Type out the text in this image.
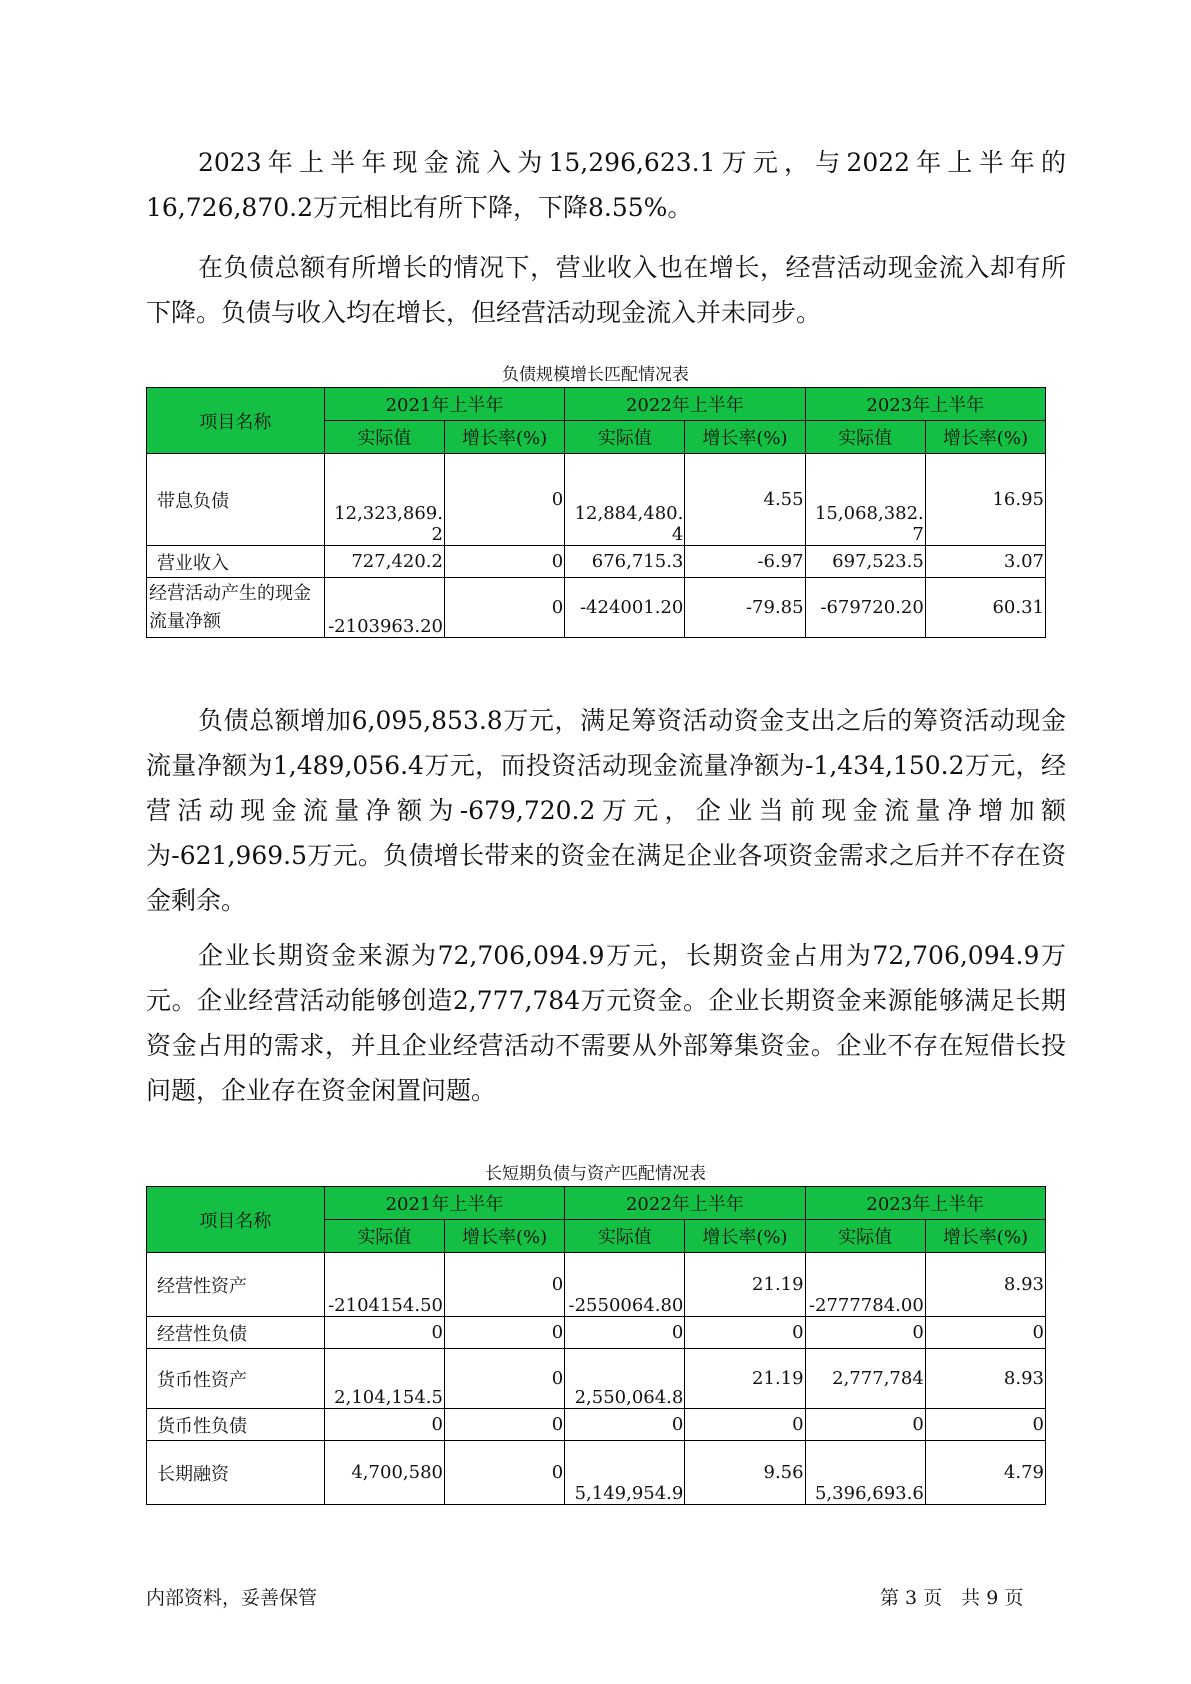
2023年上半年现金流入为15,296,623.1万元，与2022年上半年的16,726,870.2万元相比有所下降，下降8.55%。

在负债总额有所增长的情况下，营业收入也在增长，经营活动现金流入却有所下降。负债与收入均在增长，但经营活动现金流入并未同步。

负债规模增长匹配情况表
项目名称	2021年上半年		2022年上半年		2023年上半年	
	实际值	增长率(%)	实际值	增长率(%)	实际值	增长率(%)
带息负债	12,323,869.2	0	12,884,480.4	4.55	15,068,382.7	16.95
营业收入	727,420.2	0	676,715.3	-6.97	697,523.5	3.07
经营活动产生的现金流量净额	-2103963.20	0	-424001.20	-79.85	-679720.20	60.31

负债总额增加6,095,853.8万元，满足筹资活动资金支出之后的筹资活动现金流量净额为1,489,056.4万元，而投资活动现金流量净额为-1,434,150.2万元，经营活动现金流量净额为-679,720.2万元，企业当前现金流量净增加额为-621,969.5万元。负债增长带来的资金在满足企业各项资金需求之后并不存在资金剩余。

企业长期资金来源为72,706,094.9万元，长期资金占用为72,706,094.9万元。企业经营活动能够创造2,777,784万元资金。企业长期资金来源能够满足长期资金占用的需求，并且企业经营活动不需要从外部筹集资金。企业不存在短借长投问题，企业存在资金闲置问题。

长短期负债与资产匹配情况表
项目名称	2021年上半年		2022年上半年		2023年上半年	
	实际值	增长率(%)	实际值	增长率(%)	实际值	增长率(%)
经营性资产	-2104154.50	0	-2550064.80	21.19	-2777784.00	8.93
经营性负债	0	0	0	0	0	0
货币性资产	2,104,154.5	0	2,550,064.8	21.19	2,777,784	8.93
货币性负债	0	0	0	0	0	0
长期融资	4,700,580	0	5,149,954.9	9.56	5,396,693.6	4.79
内部资料，妥善保管	第 3 页　共 9 页
